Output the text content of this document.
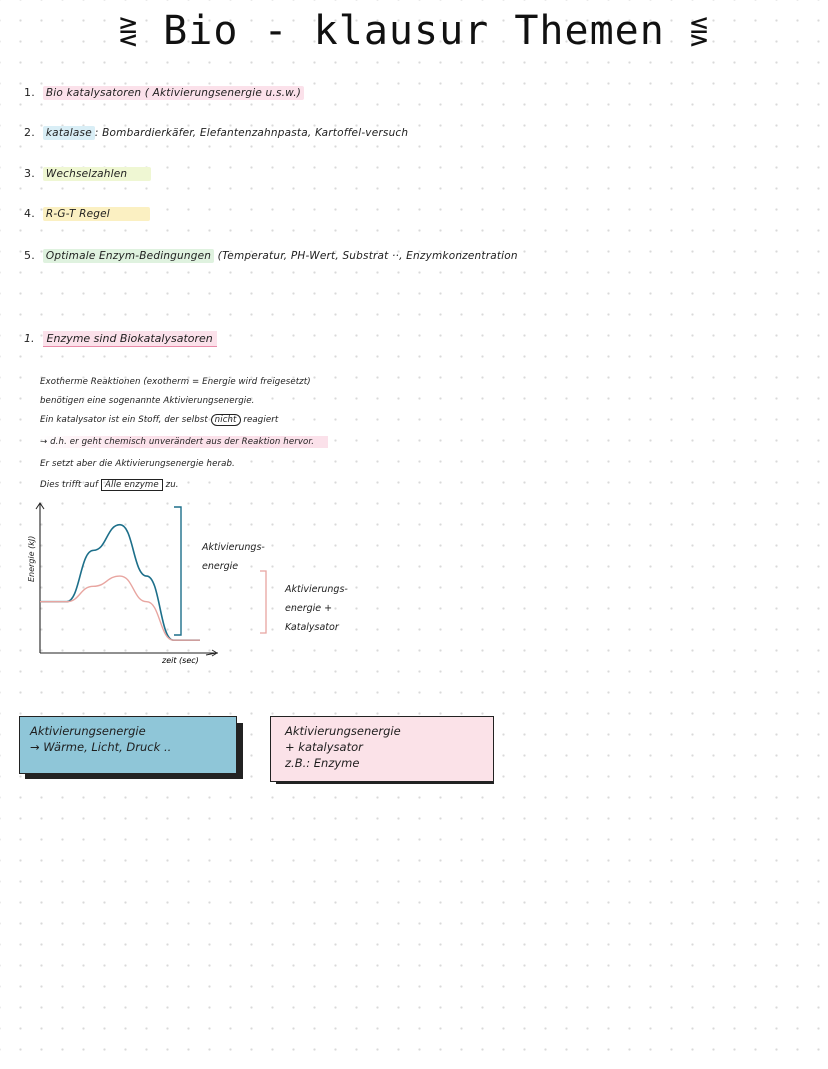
⋛ Bio - klausur Themen ⋚
1. Bio katalysatoren ( Aktivierungsenergie u.s.w.)
2. katalase : Bombardierkäfer, Elefantenzahnpasta, Kartoffel-versuch
3. Wechselzahlen
4. R-G-T Regel
5. Optimale Enzym-Bedingungen (Temperatur, PH-Wert, Substrat ··, Enzymkonzentration
1. Enzyme sind Biokatalysatoren
Exotherme Reaktionen (exotherm = Energie wird freigesetzt)
benötigen eine sogenannte Aktivierungsenergie.
Ein katalysator ist ein Stoff, der selbst nicht reagiert
→ d.h. er geht chemisch unverändert aus der Reaktion hervor.
Er setzt aber die Aktivierungsenergie herab.
Dies trifft auf Alle enzyme zu.
Energie (kJ)
zeit (sec)
Aktivierungs-
energie
Aktivierungs-
energie +
Katalysator
Aktivierungsenergie
→ Wärme, Licht, Druck ..
Aktivierungsenergie
+ katalysator
z.B.: Enzyme
